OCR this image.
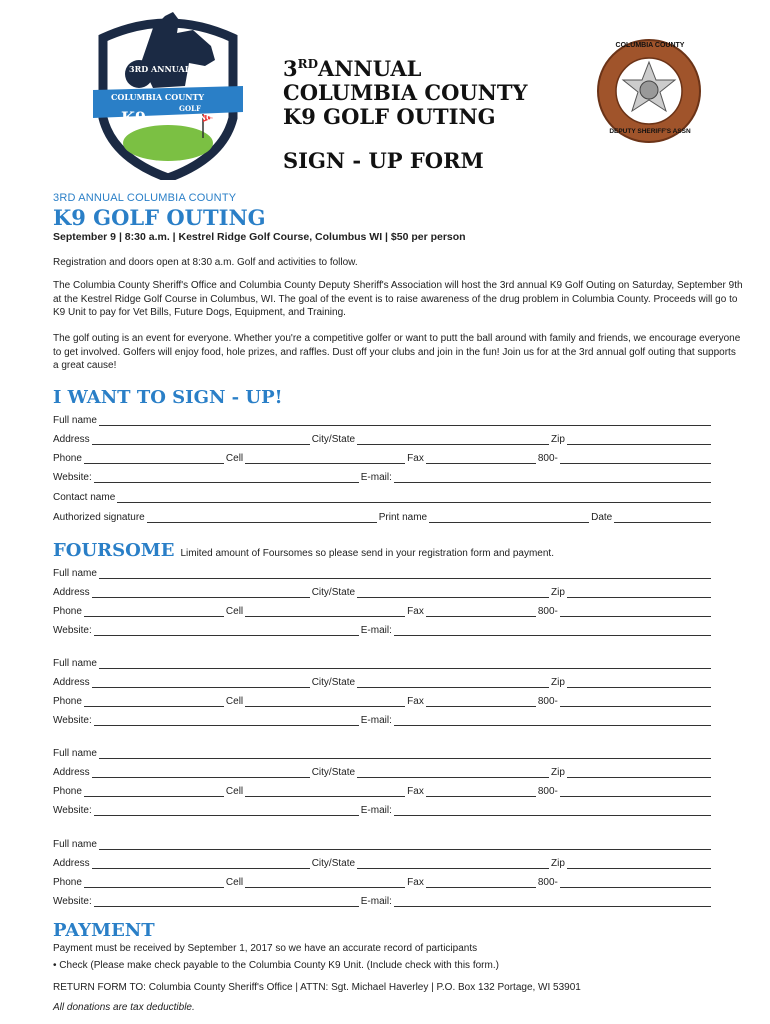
3RD ANNUAL
COLUMBIA COUNTY
K9	GOLF OUTING
COLUMBIA COUNTY
DEPUTY SHERIFF'S ASSN
3RDANNUAL
COLUMBIA COUNTY
K9 GOLF OUTING
SIGN - UP FORM
3RD ANNUAL COLUMBIA COUNTY
K9 GOLF OUTING
September 9 | 8:30 a.m. | Kestrel Ridge Golf Course, Columbus WI | $50 per person
Registration and doors open at 8:30 a.m. Golf and activities to follow.
The Columbia County Sheriff's Office and Columbia County Deputy Sheriff's Association will host the 3rd annual K9 Golf Outing on Saturday, September 9th at the Kestrel Ridge Golf Course in Columbus, WI. The goal of the event is to raise awareness of the drug problem in Columbia County. Proceeds will go to K9 Unit to pay for Vet Bills, Future Dogs, Equipment, and Training.
The golf outing is an event for everyone. Whether you're a competitive golfer or want to putt the ball around with family and friends, we encourage everyone to get involved. Golfers will enjoy food, hole prizes, and raffles. Dust off your clubs and join in the fun! Join us for at the 3rd annual golf outing that supports a great cause!
I WANT TO SIGN - UP!
Full name
Address	City/State	Zip
Phone	Cell	Fax	800-
Website:	E-mail:
Contact name
Authorized signature	Print name	Date
FOURSOME Limited amount of Foursomes so please send in your registration form and payment.
Full name
Address	City/State	Zip
Phone	Cell	Fax	800-
Website:	E-mail:
Full name
Address	City/State	Zip
Phone	Cell	Fax	800-
Website:	E-mail:
Full name
Address	City/State	Zip
Phone	Cell	Fax	800-
Website:	E-mail:
Full name
Address	City/State	Zip
Phone	Cell	Fax	800-
Website:	E-mail:
PAYMENT
Payment must be received by September 1, 2017 so we have an accurate record of participants
• Check (Please make check payable to the Columbia County K9 Unit. (Include check with this form.)
RETURN FORM TO: Columbia County Sheriff's Office | ATTN: Sgt. Michael Haverley | P.O. Box 132 Portage, WI 53901
All donations are tax deductible.
